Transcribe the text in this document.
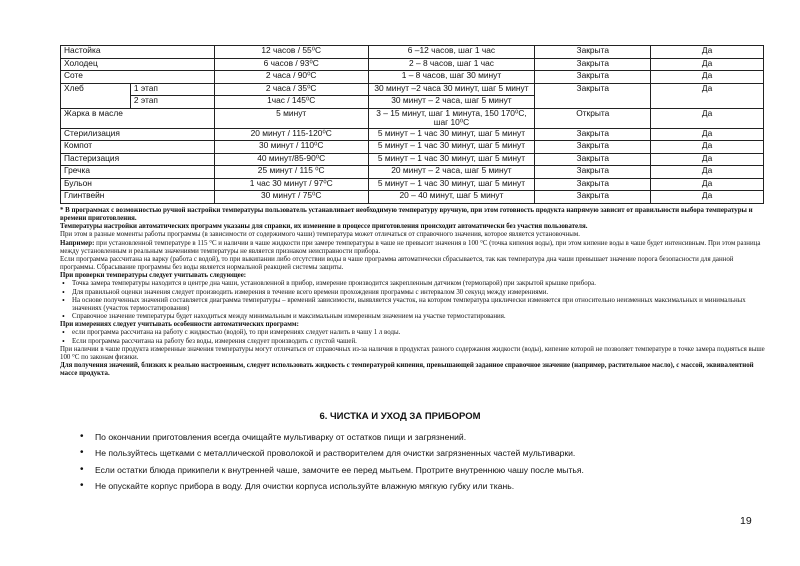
Настойка		12 часов / 55⁰С	6 –12 часов, шаг 1 час	Закрыта	Да
Холодец		6 часов / 93⁰С	2 – 8 часов, шаг 1 час	Закрыта	Да
Соте		2 часа / 90⁰С	1 – 8 часов, шаг 30 минут	Закрыта	Да
Хлеб	1 этап	2 часа / 35⁰С	30 минут –2 часа 30 минут, шаг 5 минут	Закрыта	Да
	2 этап	1час / 145⁰С	30 минут – 2 часа, шаг 5 минут		
Жарка в масле		5 минут	3 – 15 минут, шаг 1 минута, 150 170⁰С, шаг 10⁰С	Открыта	Да
Стерилизация		20 минут / 115-120⁰С	5 минут – 1 час 30 минут, шаг 5 минут	Закрыта	Да
Компот		30 минут / 110⁰С	5 минут – 1 час 30 минут, шаг 5 минут	Закрыта	Да
Пастеризация		40 минут/85-90⁰С	5 минут – 1 час 30 минут, шаг 5 минут	Закрыта	Да
Гречка		25 минут / 115 ⁰С	20 минут – 2 часа, шаг 5 минут	Закрыта	Да
Бульон		1 час 30 минут / 97⁰С	5 минут – 1 час 30 минут, шаг 5 минут	Закрыта	Да
Глинтвейн		30 минут / 75⁰С	20 – 40 минут, шаг 5 минут	Закрыта	Да

* В программах с возможностью ручной настройки температуры пользователь устанавливает необходимую температуру вручную, при этом готовность продукта напрямую зависит от правильности выбора температуры и времени приготовления.

Температуры настройки автоматических программ указаны для справки, их изменение в процессе приготовления происходит автоматически без участия пользователя.

При этом в разные моменты работы программы (в зависимости от содержимого чаши) температура может отличаться от справочного значения, которое является установочным.

Например: при установленной температуре в 115 °С и наличии в чаше жидкости при замере температуры в чаше не превысит значения в 100 °С (точка кипения воды), при этом кипение воды в чаше будет интенсивным. При этом разница между установленным и реальным значениями температуры не является признаком неисправности прибора.

Если программа рассчитана на варку (работа с водой), то при выкипании либо отсутствии воды в чаше программа автоматически сбрасывается, так как температура дна чаши превышает значение порога безопасности для данной программы. Сбрасывание программы без воды является нормальной реакцией системы защиты.

При проверки температуры следует учитывать следующее:

• Точка замера температуры находится в центре дна чаши, установленной в прибор, измерение производится закрепленным датчиком (термопарой) при закрытой крышке прибора.
• Для правильной оценки значения следует производить измерения в течение всего времени прохождения программы с интервалом 30 секунд между измерениями.
• На основе полученных значений составляется диаграмма температуры – времений зависимости, выявляется участок, на котором температура циклически изменяется при относительно неизменных максимальных и минимальных значениях (участок термостатирования)
• Справочное значение температуры будет находиться между минимальным и максимальным измеренным значением на участке термостатирования.

При измерениях следует учитывать особенности автоматических программ:

• если программа рассчитана на работу с жидкостью (водой), то при измерениях следует налить в чашу 1 л воды.
• Если программа рассчитана на работу без воды, измерения следует производить с пустой чашей.

При наличии в чаше продукта измеренные значения температуры могут отличаться от справочных из-за наличия в продуктах разного содержания жидкости (воды), кипение которой не позволяет температуре в точке замера подняться выше 100 °С по законам физики.

Для получения значений, близких к реально настроенным, следует использовать жидкость с температурой кипения, превышающей заданное справочное значение (например, растительное масло), с массой, эквивалентной массе продукта.

6. ЧИСТКА И УХОД ЗА ПРИБОРОМ
• По окончании приготовления всегда очищайте мультиварку от остатков пищи и загрязнений.
• Не пользуйтесь щетками с металлической проволокой и растворителем для очистки загрязненных частей мультиварки.
• Если остатки блюда прикипели к внутренней чаше, замочите ее перед мытьем. Протрите внутреннюю чашу после мытья.
• Не опускайте корпус прибора в воду. Для очистки корпуса используйте влажную мягкую губку или ткань.
19
